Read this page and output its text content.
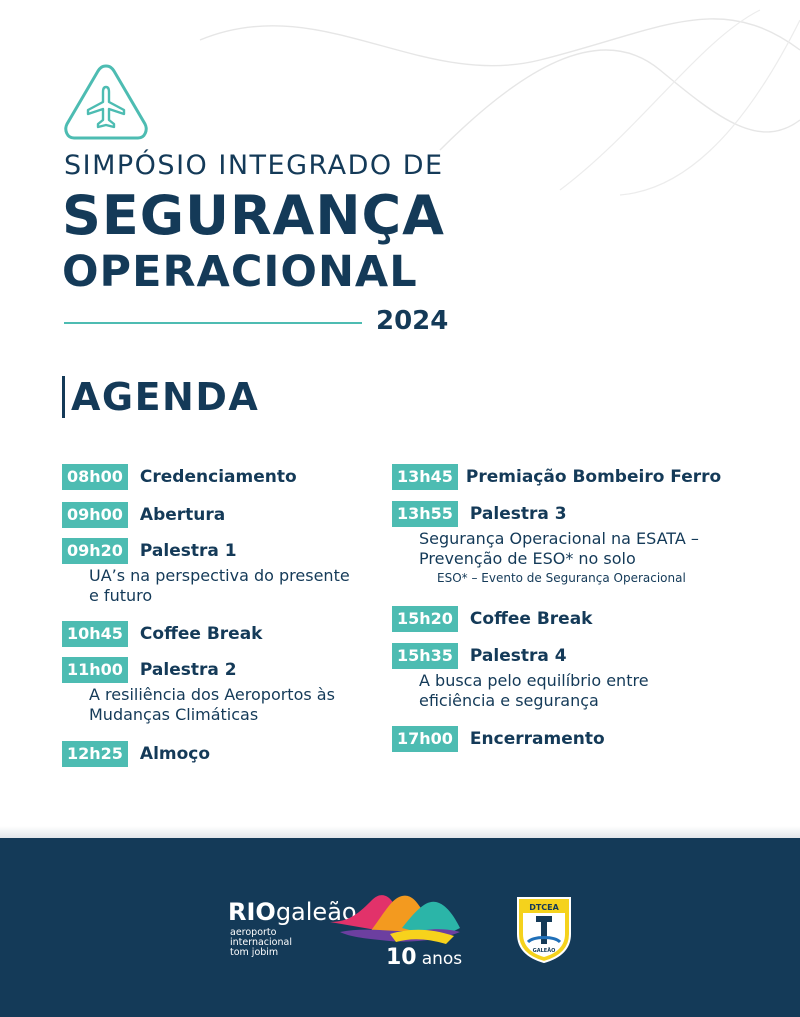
SIMPÓSIO INTEGRADO DE
SEGURANÇA
OPERACIONAL
2024
AGENDA
08h00 Credenciamento
09h00 Abertura
09h20 Palestra 1
UA’s na perspectiva do presente
e futuro
10h45 Coffee Break
11h00 Palestra 2
A resiliência dos Aeroportos às
Mudanças Climáticas
12h25 Almoço
13h45 Premiação Bombeiro Ferro
13h55 Palestra 3
Segurança Operacional na ESATA –
Prevenção de ESO* no solo
ESO* – Evento de Segurança Operacional
15h20 Coffee Break
15h35 Palestra 4
A busca pelo equilíbrio entre
eficiência e segurança
17h00 Encerramento
RIOgaleão
aeroporto
internacional
tom jobim	10 anos	GALEÃO
DTCEA
